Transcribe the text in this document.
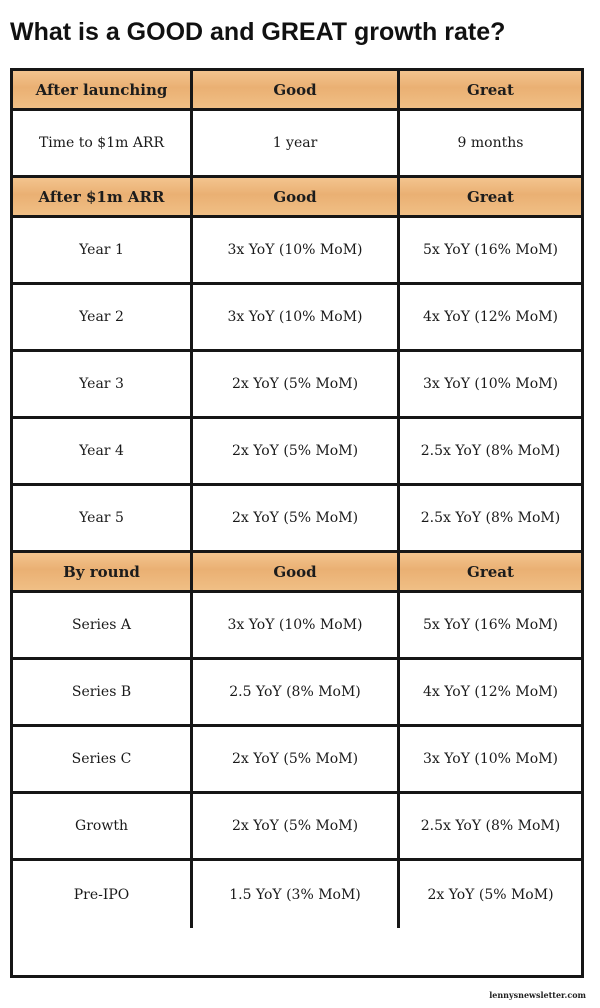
What is a GOOD and GREAT growth rate?
After launching	Good	Great
Time to $1m ARR	1 year	9 months
After $1m ARR	Good	Great
Year 1	3x YoY (10% MoM)	5x YoY (16% MoM)
Year 2	3x YoY (10% MoM)	4x YoY (12% MoM)
Year 3	2x YoY (5% MoM)	3x YoY (10% MoM)
Year 4	2x YoY (5% MoM)	2.5x YoY (8% MoM)
Year 5	2x YoY (5% MoM)	2.5x YoY (8% MoM)
By round	Good	Great
Series A	3x YoY (10% MoM)	5x YoY (16% MoM)
Series B	2.5 YoY (8% MoM)	4x YoY (12% MoM)
Series C	2x YoY (5% MoM)	3x YoY (10% MoM)
Growth	2x YoY (5% MoM)	2.5x YoY (8% MoM)
Pre-IPO	1.5 YoY (3% MoM)	2x YoY (5% MoM)
lennysnewsletter.com
